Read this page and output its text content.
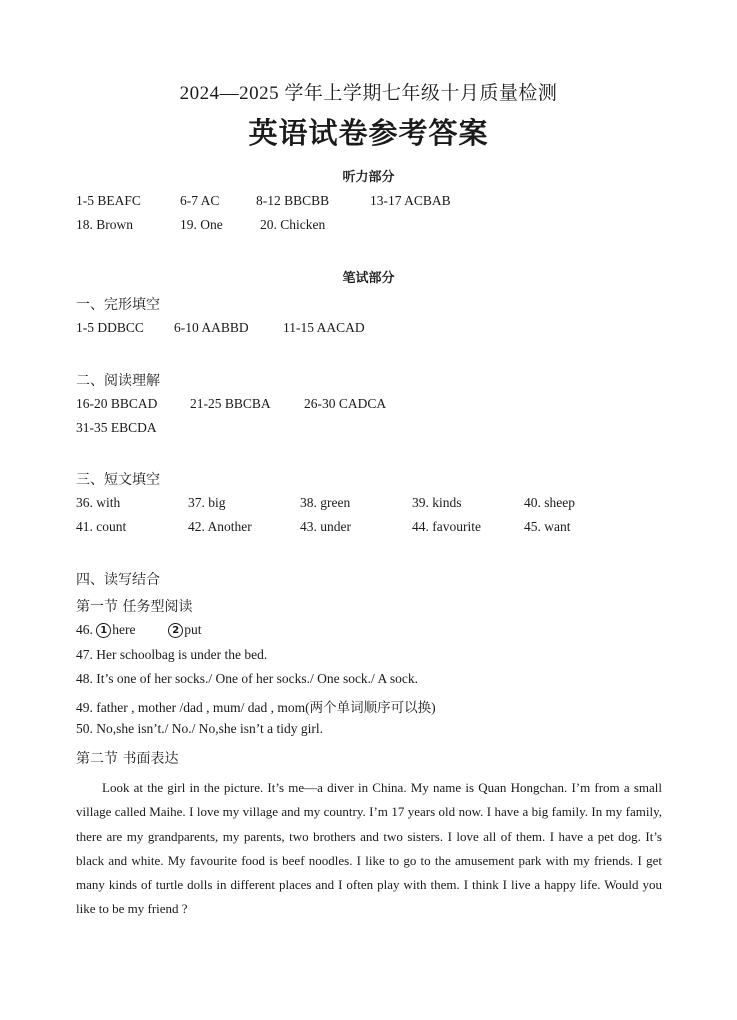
2024—2025 学年上学期七年级十月质量检测
英语试卷参考答案
听力部分
1-5 BEAFC	6-7 AC	8-12 BBCBB	13-17 ACBAB
18. Brown	19. One	20. Chicken
笔试部分
一、完形填空
1-5 DDBCC 6-10 AABBD	11-15 AACAD
二、阅读理解
16-20 BBCAD 21-25 BBCBA 26-30 CADCA
31-35 EBCDA
三、短文填空
36. with	37. big	38. green	39. kinds	40. sheep
41. count	42. Another	43. under	44. favourite	45. want
四、读写结合
第一节 任务型阅读
46. 1 here	2 put
47. Her schoolbag is under the bed.
48. It’s one of her socks./ One of her socks./ One sock./ A sock.
49. father , mother /dad , mum/ dad , mom(两个单词顺序可以换)
50. No,she isn’t./ No./ No,she isn’t a tidy girl.
第二节 书面表达
Look at the girl in the picture. It’s me—a diver in China. My name is Quan Hongchan. I’m from a small village called Maihe. I love my village and my country. I’m 17 years old now. I have a big family. In my family, there are my grandparents, my parents, two brothers and two sisters. I love all of them. I have a pet dog. It’s black and white. My favourite food is beef noodles. I like to go to the amusement park with my friends. I get many kinds of turtle dolls in different places and I often play with them. I think I live a happy life. Would you like to be my friend ?
